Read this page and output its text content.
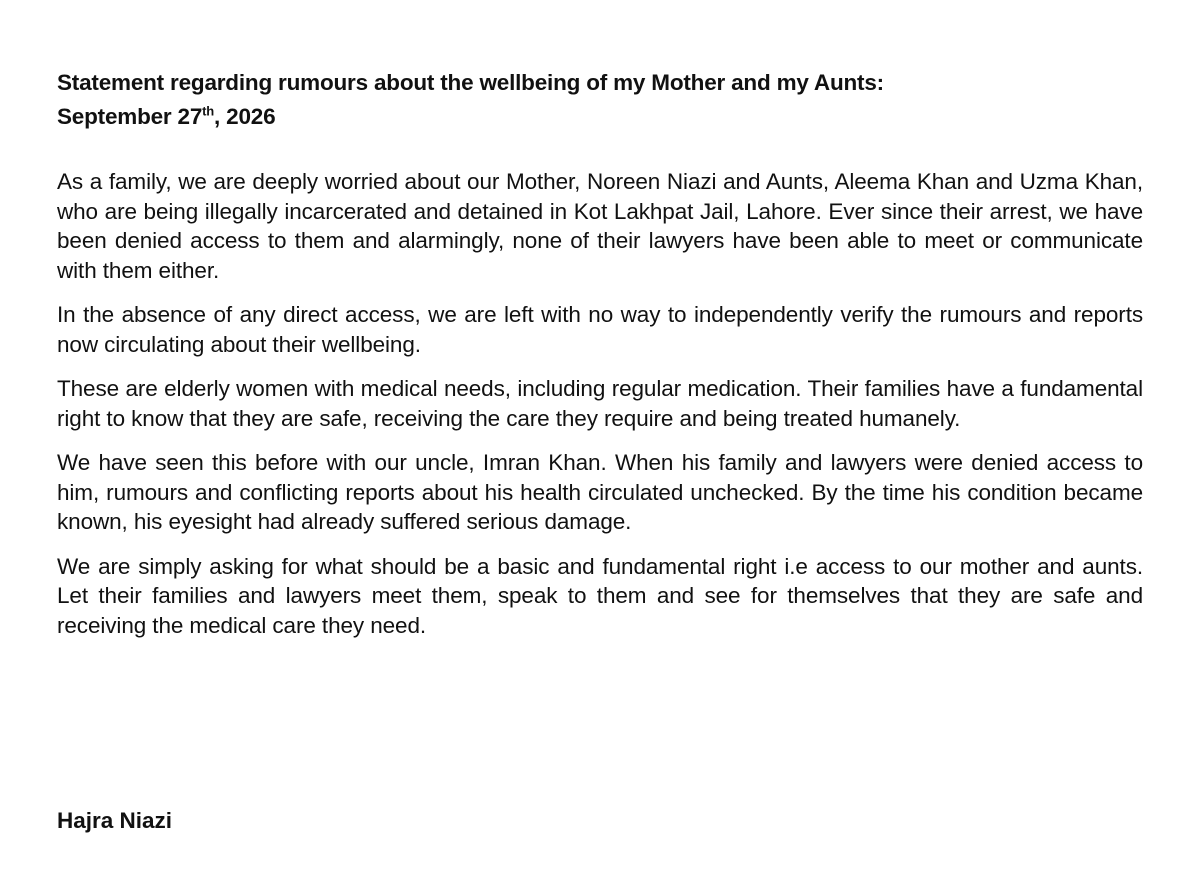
Statement regarding rumours about the wellbeing of my Mother and my Aunts:
September 27th, 2026

As a family, we are deeply worried about our Mother, Noreen Niazi and Aunts, Aleema Khan and Uzma Khan, who are being illegally incarcerated and detained in Kot Lakhpat Jail, Lahore. Ever since their arrest, we have been denied access to them and alarmingly, none of their lawyers have been able to meet or communicate with them either.

In the absence of any direct access, we are left with no way to independently verify the rumours and reports now circulating about their wellbeing.

These are elderly women with medical needs, including regular medication. Their families have a fundamental right to know that they are safe, receiving the care they require and being treated humanely.

We have seen this before with our uncle, Imran Khan. When his family and lawyers were denied access to him, rumours and conflicting reports about his health circulated unchecked. By the time his condition became known, his eyesight had already suffered serious damage.

We are simply asking for what should be a basic and fundamental right i.e access to our mother and aunts. Let their families and lawyers meet them, speak to them and see for themselves that they are safe and receiving the medical care they need.

Hajra Niazi
